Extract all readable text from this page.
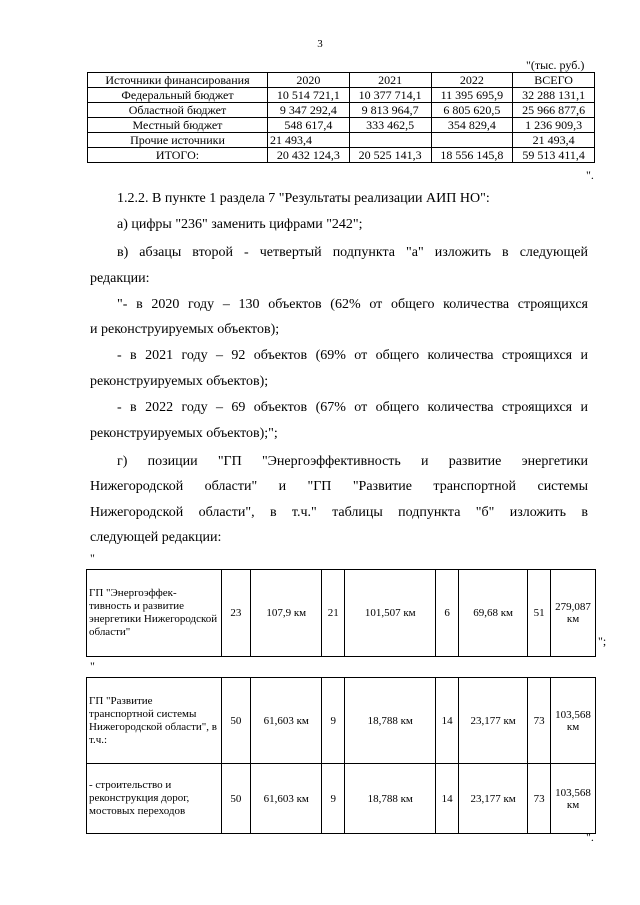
3
"(тыс. руб.)
Источники финансирования	2020	2021	2022	ВСЕГО
Федеральный бюджет	10 514 721,1	10 377 714,1	11 395 695,9	32 288 131,1
Областной бюджет	9 347 292,4	9 813 964,7	6 805 620,5	25 966 877,6
Местный бюджет	548 617,4	333 462,5	354 829,4	1 236 909,3
Прочие источники	21 493,4			21 493,4
ИТОГО:	20 432 124,3	20 525 141,3	18 556 145,8	59 513 411,4
".
1.2.2. В пункте 1 раздела 7 "Результаты реализации АИП НО":
а) цифры "236" заменить цифрами "242";
в) абзацы второй - четвертый подпункта "а" изложить в следующей
редакции:
"- в 2020 году – 130 объектов (62% от общего количества строящихся
и реконструируемых объектов);
- в 2021 году – 92 объектов (69% от общего количества строящихся и
реконструируемых объектов);
- в 2022 году – 69 объектов (67% от общего количества строящихся и
реконструируемых объектов);";
г) позиции "ГП "Энергоэффективность и развитие энергетики
Нижегородской области" и "ГП "Развитие транспортной системы
Нижегородской области", в т.ч." таблицы подпункта "б" изложить в
следующей редакции:
"
ГП "Энергоэффек-тивность и развитие энергетики Нижегородской области"	23	107,9 км	21	101,507 км	6	69,68 км	51	279,087 км
";
"
ГП "Развитие транспортной системы Нижегородской области", в т.ч.:	50	61,603 км	9	18,788 км	14	23,177 км	73	103,568 км
- строительство и реконструкция дорог, мостовых переходов	50	61,603 км	9	18,788 км	14	23,177 км	73	103,568 км
".
